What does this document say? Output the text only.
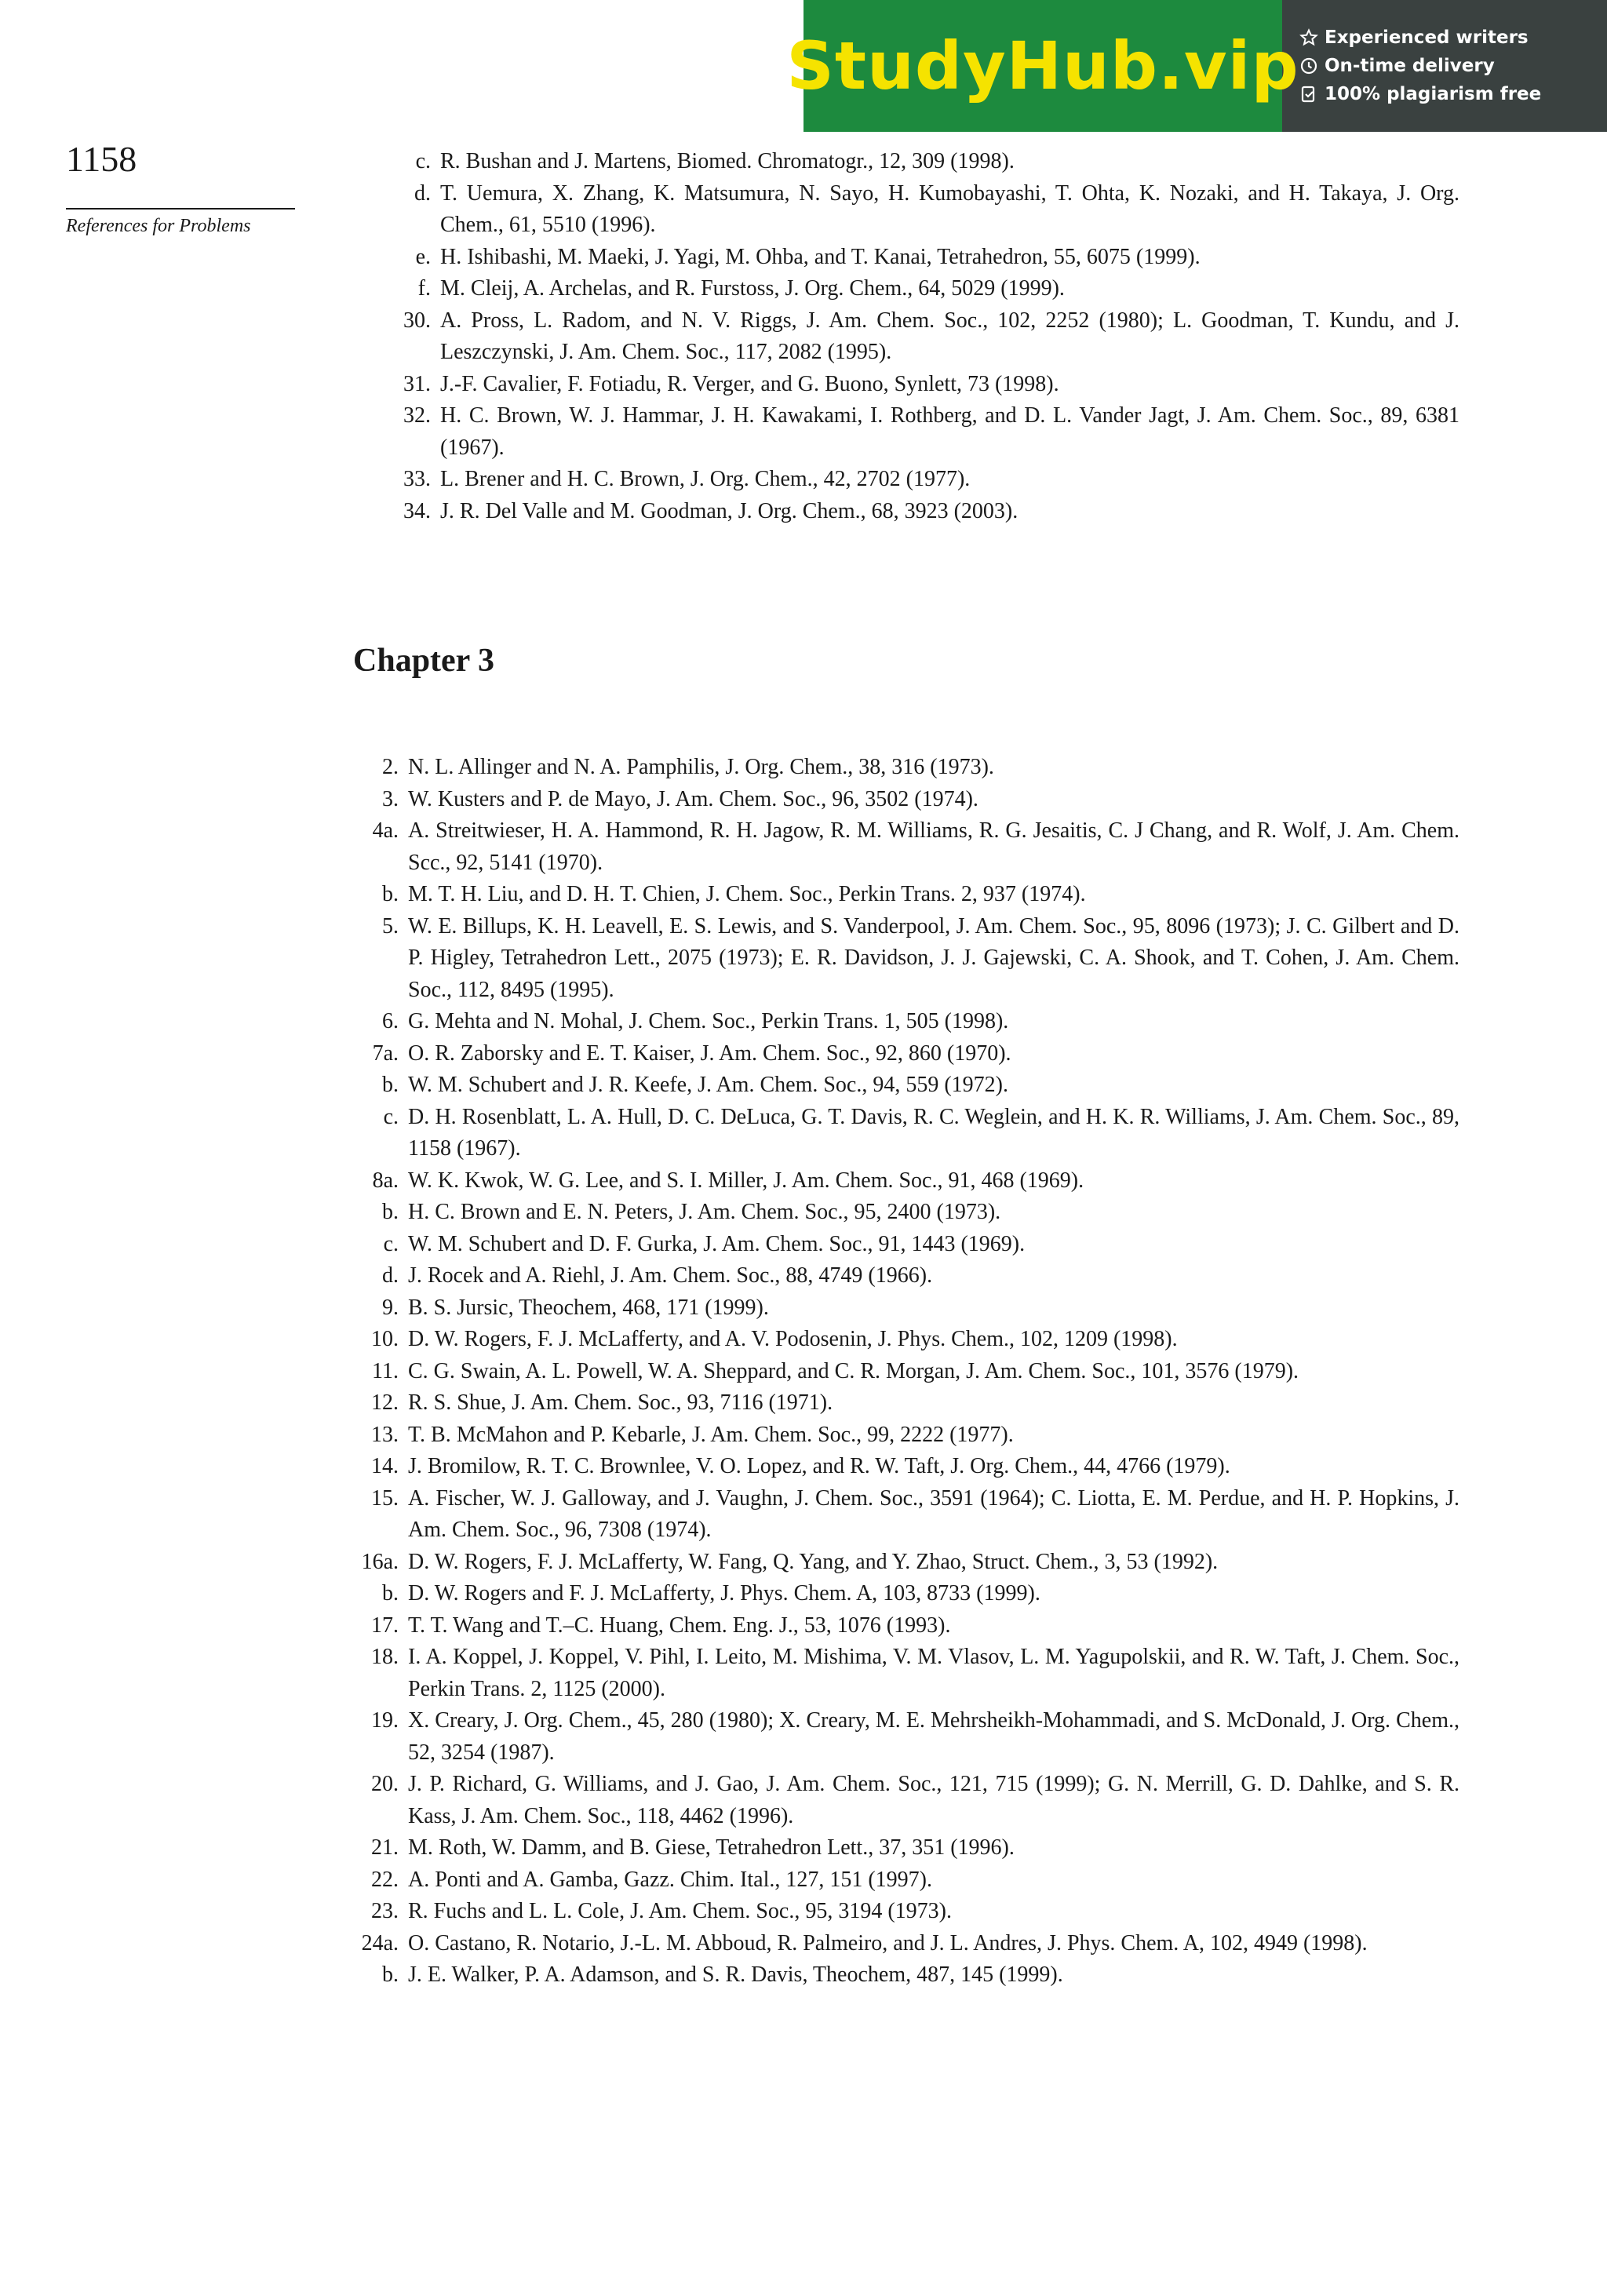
StudyHub.vip Experienced writers
On-time delivery
100% plagiarism free
1158
References for Problems
c. R. Bushan and J. Martens, Biomed. Chromatogr., 12, 309 (1998).
d. T. Uemura, X. Zhang, K. Matsumura, N. Sayo, H. Kumobayashi, T. Ohta, K. Nozaki, and H. Takaya, J. Org. Chem., 61, 5510 (1996).
e. H. Ishibashi, M. Maeki, J. Yagi, M. Ohba, and T. Kanai, Tetrahedron, 55, 6075 (1999).
f. M. Cleij, A. Archelas, and R. Furstoss, J. Org. Chem., 64, 5029 (1999).
30. A. Pross, L. Radom, and N. V. Riggs, J. Am. Chem. Soc., 102, 2252 (1980); L. Goodman, T. Kundu, and J. Leszczynski, J. Am. Chem. Soc., 117, 2082 (1995).
31. J.-F. Cavalier, F. Fotiadu, R. Verger, and G. Buono, Synlett, 73 (1998).
32. H. C. Brown, W. J. Hammar, J. H. Kawakami, I. Rothberg, and D. L. Vander Jagt, J. Am. Chem. Soc., 89, 6381 (1967).
33. L. Brener and H. C. Brown, J. Org. Chem., 42, 2702 (1977).
34. J. R. Del Valle and M. Goodman, J. Org. Chem., 68, 3923 (2003).
Chapter 3
2. N. L. Allinger and N. A. Pamphilis, J. Org. Chem., 38, 316 (1973).
3. W. Kusters and P. de Mayo, J. Am. Chem. Soc., 96, 3502 (1974).
4a. A. Streitwieser, H. A. Hammond, R. H. Jagow, R. M. Williams, R. G. Jesaitis, C. J Chang, and R. Wolf, J. Am. Chem. Scc., 92, 5141 (1970).
b. M. T. H. Liu, and D. H. T. Chien, J. Chem. Soc., Perkin Trans. 2, 937 (1974).
5. W. E. Billups, K. H. Leavell, E. S. Lewis, and S. Vanderpool, J. Am. Chem. Soc., 95, 8096 (1973); J. C. Gilbert and D. P. Higley, Tetrahedron Lett., 2075 (1973); E. R. Davidson, J. J. Gajewski, C. A. Shook, and T. Cohen, J. Am. Chem. Soc., 112, 8495 (1995).
6. G. Mehta and N. Mohal, J. Chem. Soc., Perkin Trans. 1, 505 (1998).
7a. O. R. Zaborsky and E. T. Kaiser, J. Am. Chem. Soc., 92, 860 (1970).
b. W. M. Schubert and J. R. Keefe, J. Am. Chem. Soc., 94, 559 (1972).
c. D. H. Rosenblatt, L. A. Hull, D. C. DeLuca, G. T. Davis, R. C. Weglein, and H. K. R. Williams, J. Am. Chem. Soc., 89, 1158 (1967).
8a. W. K. Kwok, W. G. Lee, and S. I. Miller, J. Am. Chem. Soc., 91, 468 (1969).
b. H. C. Brown and E. N. Peters, J. Am. Chem. Soc., 95, 2400 (1973).
c. W. M. Schubert and D. F. Gurka, J. Am. Chem. Soc., 91, 1443 (1969).
d. J. Rocek and A. Riehl, J. Am. Chem. Soc., 88, 4749 (1966).
9. B. S. Jursic, Theochem, 468, 171 (1999).
10. D. W. Rogers, F. J. McLafferty, and A. V. Podosenin, J. Phys. Chem., 102, 1209 (1998).
11. C. G. Swain, A. L. Powell, W. A. Sheppard, and C. R. Morgan, J. Am. Chem. Soc., 101, 3576 (1979).
12. R. S. Shue, J. Am. Chem. Soc., 93, 7116 (1971).
13. T. B. McMahon and P. Kebarle, J. Am. Chem. Soc., 99, 2222 (1977).
14. J. Bromilow, R. T. C. Brownlee, V. O. Lopez, and R. W. Taft, J. Org. Chem., 44, 4766 (1979).
15. A. Fischer, W. J. Galloway, and J. Vaughn, J. Chem. Soc., 3591 (1964); C. Liotta, E. M. Perdue, and H. P. Hopkins, J. Am. Chem. Soc., 96, 7308 (1974).
16a. D. W. Rogers, F. J. McLafferty, W. Fang, Q. Yang, and Y. Zhao, Struct. Chem., 3, 53 (1992).
b. D. W. Rogers and F. J. McLafferty, J. Phys. Chem. A, 103, 8733 (1999).
17. T. T. Wang and T.–C. Huang, Chem. Eng. J., 53, 1076 (1993).
18. I. A. Koppel, J. Koppel, V. Pihl, I. Leito, M. Mishima, V. M. Vlasov, L. M. Yagupolskii, and R. W. Taft, J. Chem. Soc., Perkin Trans. 2, 1125 (2000).
19. X. Creary, J. Org. Chem., 45, 280 (1980); X. Creary, M. E. Mehrsheikh-Mohammadi, and S. McDonald, J. Org. Chem., 52, 3254 (1987).
20. J. P. Richard, G. Williams, and J. Gao, J. Am. Chem. Soc., 121, 715 (1999); G. N. Merrill, G. D. Dahlke, and S. R. Kass, J. Am. Chem. Soc., 118, 4462 (1996).
21. M. Roth, W. Damm, and B. Giese, Tetrahedron Lett., 37, 351 (1996).
22. A. Ponti and A. Gamba, Gazz. Chim. Ital., 127, 151 (1997).
23. R. Fuchs and L. L. Cole, J. Am. Chem. Soc., 95, 3194 (1973).
24a. O. Castano, R. Notario, J.-L. M. Abboud, R. Palmeiro, and J. L. Andres, J. Phys. Chem. A, 102, 4949 (1998).
b. J. E. Walker, P. A. Adamson, and S. R. Davis, Theochem, 487, 145 (1999).
